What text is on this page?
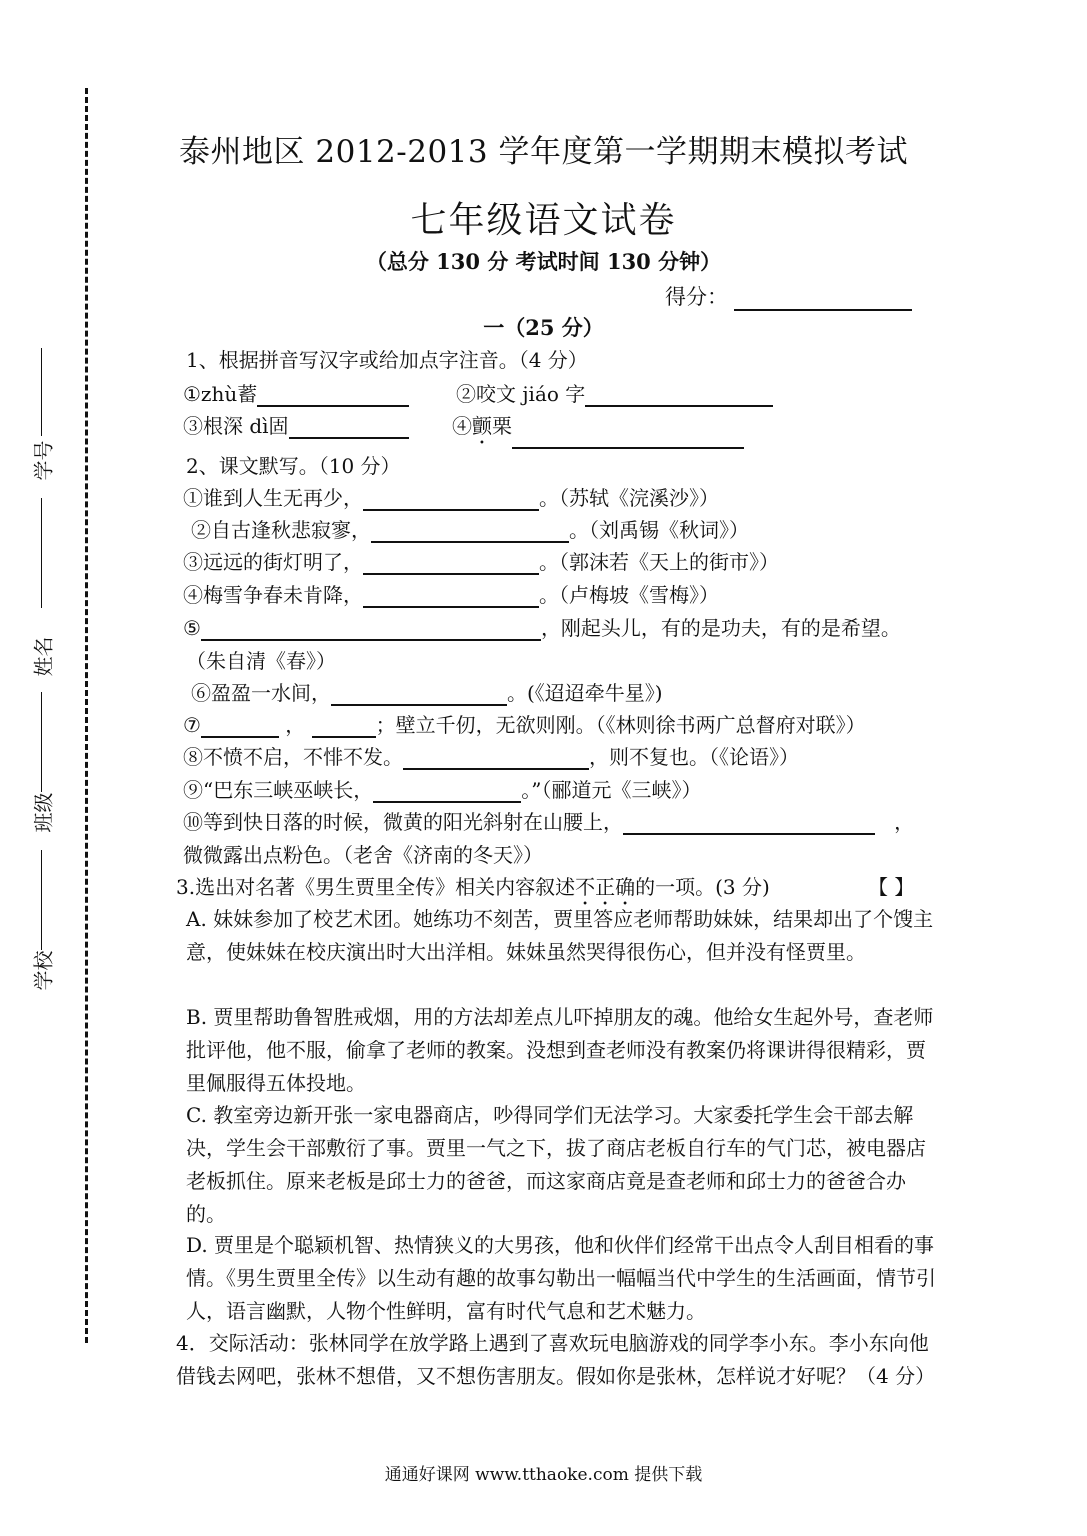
学号
姓名
班级
学校
泰州地区 2012-2013 学年度第一学期期末模拟考试
七年级语文试卷
（总分 130 分 考试时间 130 分钟）
得分：
一（25 分）
1、根据拼音写汉字或给加点字注音。（4 分）
①zhù蓄	②咬文 jiáo 字
③根深 dì固	④颤栗
2、课文默写。（10 分）
①谁到人生无再少，	。（苏轼《浣溪沙》）
②自古逢秋悲寂寥，	。（刘禹锡《秋词》）
③远远的街灯明了，	。（郭沫若《天上的街市》）
④梅雪争春未肯降，	。（卢梅坡《雪梅》）
⑤	，刚起头儿，有的是功夫，有的是希望。
（朱自清《春》）
⑥盈盈一水间，	。(《迢迢牵牛星》)
⑦	，	；壁立千仞，无欲则刚。（《林则徐书两广总督府对联》）
⑧不愤不启，不悱不发。	，则不复也。（《论语》）
⑨“巴东三峡巫峡长，	。”（郦道元《三峡》）
⑩等到快日落的时候，微黄的阳光斜射在山腰上，	，
微微露出点粉色。（老舍《济南的冬天》）
3.选出对名著《男生贾里全传》相关内容叙述不正确的一项。(3 分)	【 】
A. 妹妹参加了校艺术团。她练功不刻苦，贾里答应老师帮助妹妹，结果却出了个馊主意，使妹妹在校庆演出时大出洋相。妹妹虽然哭得很伤心，但并没有怪贾里。
B. 贾里帮助鲁智胜戒烟，用的方法却差点儿吓掉朋友的魂。他给女生起外号，查老师批评他，他不服，偷拿了老师的教案。没想到查老师没有教案仍将课讲得很精彩，贾里佩服得五体投地。
C. 教室旁边新开张一家电器商店，吵得同学们无法学习。大家委托学生会干部去解决，学生会干部敷衍了事。贾里一气之下，拔了商店老板自行车的气门芯，被电器店老板抓住。原来老板是邱士力的爸爸，而这家商店竟是查老师和邱士力的爸爸合办的。
D. 贾里是个聪颖机智、热情狭义的大男孩，他和伙伴们经常干出点令人刮目相看的事情。《男生贾里全传》以生动有趣的故事勾勒出一幅幅当代中学生的生活画面，情节引人，语言幽默，人物个性鲜明，富有时代气息和艺术魅力。
4．交际活动：张林同学在放学路上遇到了喜欢玩电脑游戏的同学李小东。李小东向他借钱去网吧，张林不想借，又不想伤害朋友。假如你是张林，怎样说才好呢？（4 分）
通通好课网 www.tthaoke.com 提供下载
